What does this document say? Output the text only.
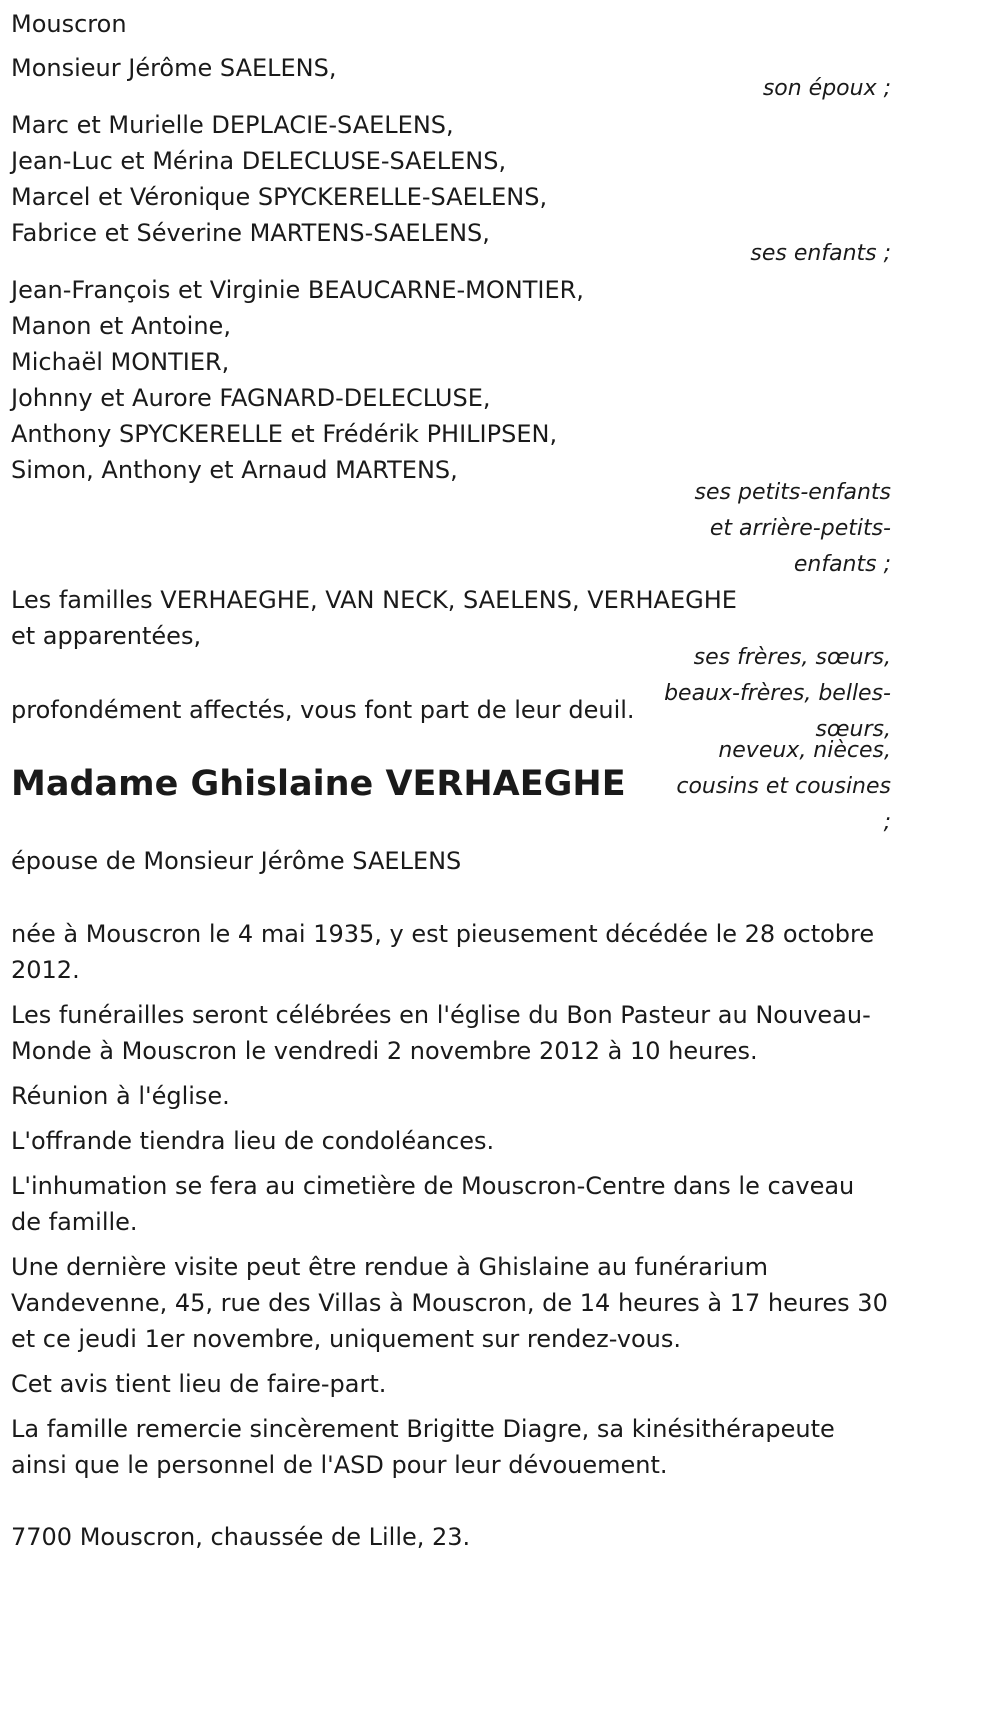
Mouscron
Monsieur Jérôme SAELENS,
son époux ;
Marc et Murielle DEPLACIE-SAELENS,
Jean-Luc et Mérina DELECLUSE-SAELENS,
Marcel et Véronique SPYCKERELLE-SAELENS,
Fabrice et Séverine MARTENS-SAELENS,
ses enfants ;
Jean-François et Virginie BEAUCARNE-MONTIER,
Manon et Antoine,
Michaël MONTIER,
Johnny et Aurore FAGNARD-DELECLUSE,
Anthony SPYCKERELLE et Frédérik PHILIPSEN,
Simon, Anthony et Arnaud MARTENS,
ses petits-enfants
et arrière-petits-
enfants ;
Les familles VERHAEGHE, VAN NECK, SAELENS, VERHAEGHE
et apparentées,
ses frères, sœurs,
beaux-frères, belles-
sœurs,
neveux, nièces,
cousins et cousines
;
profondément affectés, vous font part de leur deuil.
Madame Ghislaine VERHAEGHE
épouse de Monsieur Jérôme SAELENS
née à Mouscron le 4 mai 1935, y est pieusement décédée le 28 octobre 2012.
Les funérailles seront célébrées en l'église du Bon Pasteur au Nouveau-Monde à Mouscron le vendredi 2 novembre 2012 à 10 heures.
Réunion à l'église.
L'offrande tiendra lieu de condoléances.
L'inhumation se fera au cimetière de Mouscron-Centre dans le caveau de famille.
Une dernière visite peut être rendue à Ghislaine au funérarium Vandevenne, 45, rue des Villas à Mouscron, de 14 heures à 17 heures 30 et ce jeudi 1er novembre, uniquement sur rendez-vous.
Cet avis tient lieu de faire-part.
La famille remercie sincèrement Brigitte Diagre, sa kinésithérapeute ainsi que le personnel de l'ASD pour leur dévouement.
7700 Mouscron, chaussée de Lille, 23.
